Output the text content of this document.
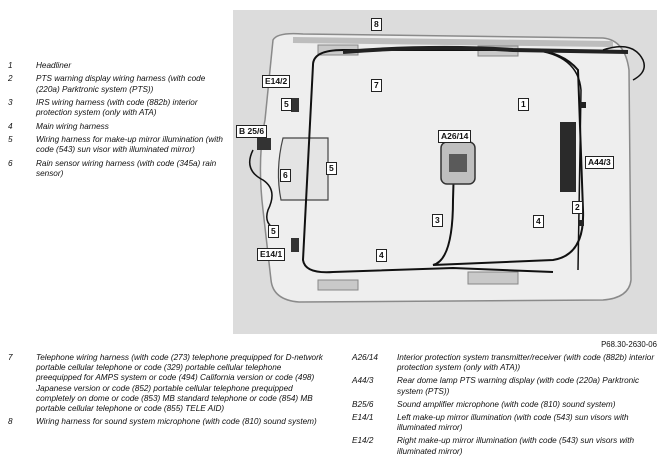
1	Headliner
2	PTS warning display wiring harness (with code (220a) Parktronic system (PTS))
3	IRS wiring harness (with code (882b) interior protection system (only with ATA)
4	Main wiring harness
5	Wiring harness for make-up mirror illumination (with code (543) sun visor with illuminated mirror)
6	Rain sensor wiring harness (with code (345a) rain sensor)
8
7
1
E14/2
5
B 25/6
6
5
A26/14
A44/3
2
3	4
5
E14/1	4
P68.30-2630-06
7	Telephone wiring harness (with code (273) telephone prequipped for D-network portable cellular telephone or code (329) portable cellular telephone preequipped for AMPS system or code (494) California version or code (498) Japanese version or code (852) portable cellular telephone prequipped completely on dome or code (853) MB standard telephone or code (854) MB portable cellular telephone or code (855) TELE AID)
8	Wiring harness for sound system microphone (with code (810) sound system)
A26/14	Interior protection system transmitter/receiver (with code (882b) interior protection system (only with ATA))
A44/3	Rear dome lamp PTS warning display (with code (220a) Parktronic system (PTS))
B25/6	Sound amplifier microphone (with code (810) sound system)
E14/1	Left make-up mirror illumination (with code (543) sun visors with illuminated mirror)
E14/2	Right make-up mirror illumination (with code (543) sun visors with illuminated mirror)
